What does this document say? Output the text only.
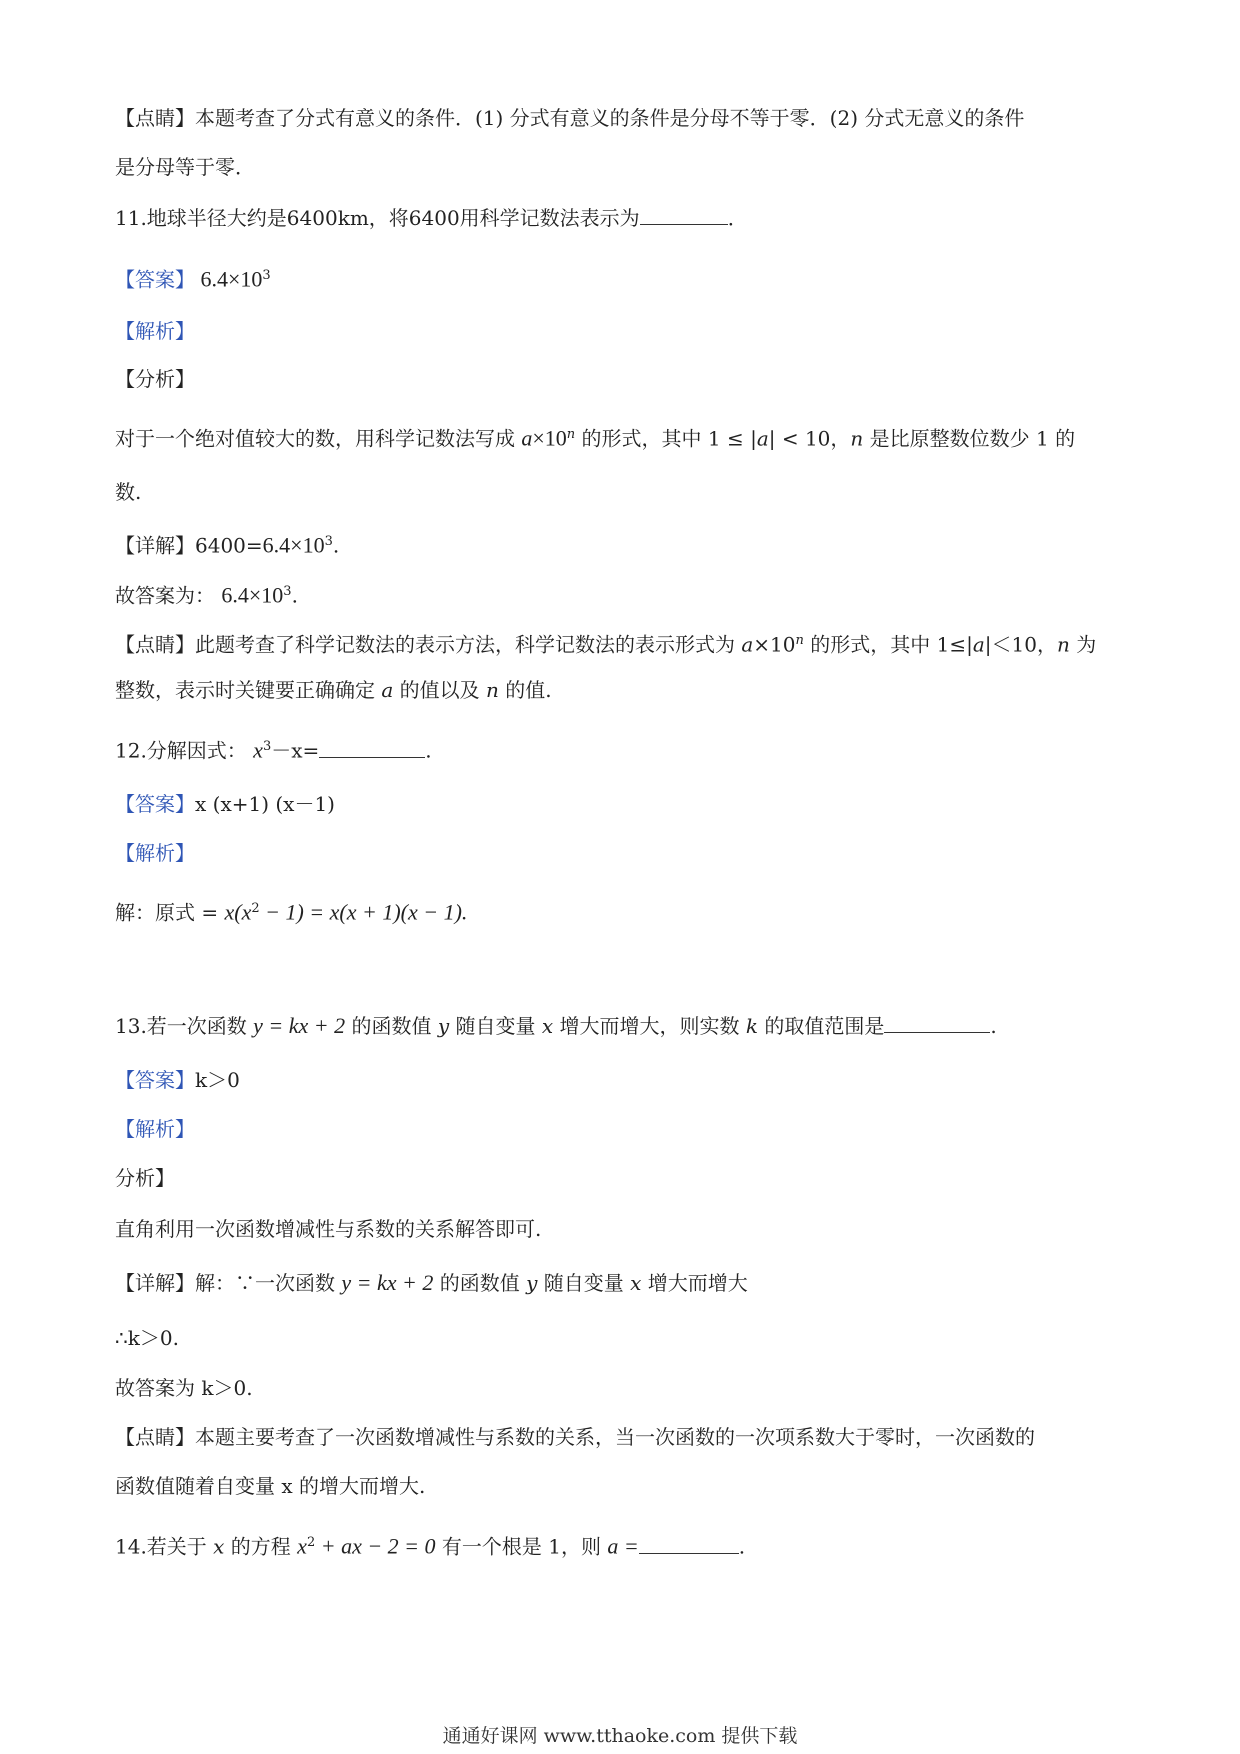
【点睛】本题考查了分式有意义的条件．(1) 分式有意义的条件是分母不等于零．(2) 分式无意义的条件
是分母等于零．
11.地球半径大约是6400km，将6400用科学记数法表示为	．
【答案】 $6.4\times 10^3$
【解析】
【分析】
对于一个绝对值较大的数，用科学记数法写成 $a\times 10^n$ 的形式，其中 1 ≤ |a| < 10，n 是比原整数位数少 1 的
数.
【详解】$6400=6.4\times 10^3$.
故答案为： $6.4\times 10^3$.
【点睛】此题考查了科学记数法的表示方法，科学记数法的表示形式为 $a\times 10^n$ 的形式，其中 1≤|a|＜10，n 为
整数，表示时关键要正确确定 a 的值以及 n 的值.
12.分解因式： $x^3-x=$	.
【答案】x (x+1) (x－1)
【解析】
解：原式 = $x(x^2 - 1) = x(x + 1)(x - 1)$.
13.若一次函数 y = kx + 2 的函数值 y 随自变量 x 增大而增大，则实数 k 的取值范围是	.
【答案】k＞0
【解析】
分析】
直角利用一次函数增减性与系数的关系解答即可.
【详解】解：∵一次函数 y = kx + 2 的函数值 y 随自变量 x 增大而增大
∴k＞0.
故答案为 k＞0.
【点睛】本题主要考查了一次函数增减性与系数的关系，当一次函数的一次项系数大于零时，一次函数的
函数值随着自变量 x 的增大而增大.
14.若关于 x 的方程 $x^2$ + ax − 2 = 0 有一个根是 1，则 a =	.
通通好课网 www.tthaoke.com 提供下载
